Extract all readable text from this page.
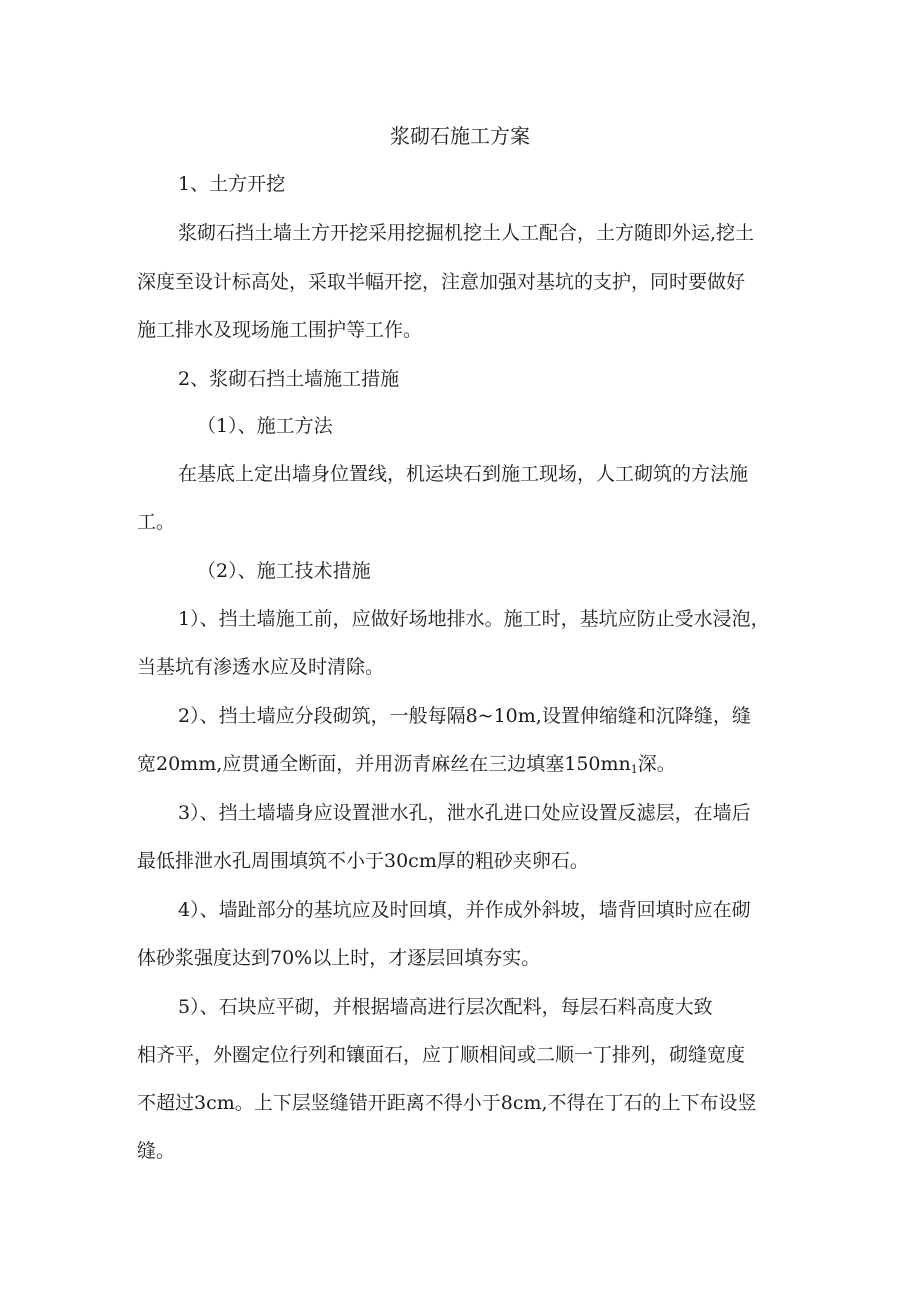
浆砌石施工方案
1、土方开挖
浆砌石挡土墙土方开挖采用挖掘机挖土人工配合，土方随即外运,挖土
深度至设计标高处，采取半幅开挖，注意加强对基坑的支护，同时要做好
施工排水及现场施工围护等工作。
2、浆砌石挡土墙施工措施
（1）、施工方法
在基底上定出墙身位置线，机运块石到施工现场，人工砌筑的方法施
工。
（2）、施工技术措施
1）、挡土墙施工前，应做好场地排水。施工时，基坑应防止受水浸泡，
当基坑有渗透水应及时清除。
2）、挡土墙应分段砌筑，一般每隔8~10m,设置伸缩缝和沉降缝，缝
宽20mm,应贯通全断面，并用沥青麻丝在三边填塞$150mn_1$深。
3）、挡土墙墙身应设置泄水孔，泄水孔进口处应设置反滤层，在墙后
最低排泄水孔周围填筑不小于30cm厚的粗砂夹卵石。
4）、墙趾部分的基坑应及时回填，并作成外斜坡，墙背回填时应在砌
体砂浆强度达到70%以上时，才逐层回填夯实。
5）、石块应平砌，并根据墙高进行层次配料，每层石料高度大致
相齐平，外圈定位行列和镶面石，应丁顺相间或二顺一丁排列，砌缝宽度
不超过3cm。上下层竖缝错开距离不得小于8cm,不得在丁石的上下布设竖
缝。
